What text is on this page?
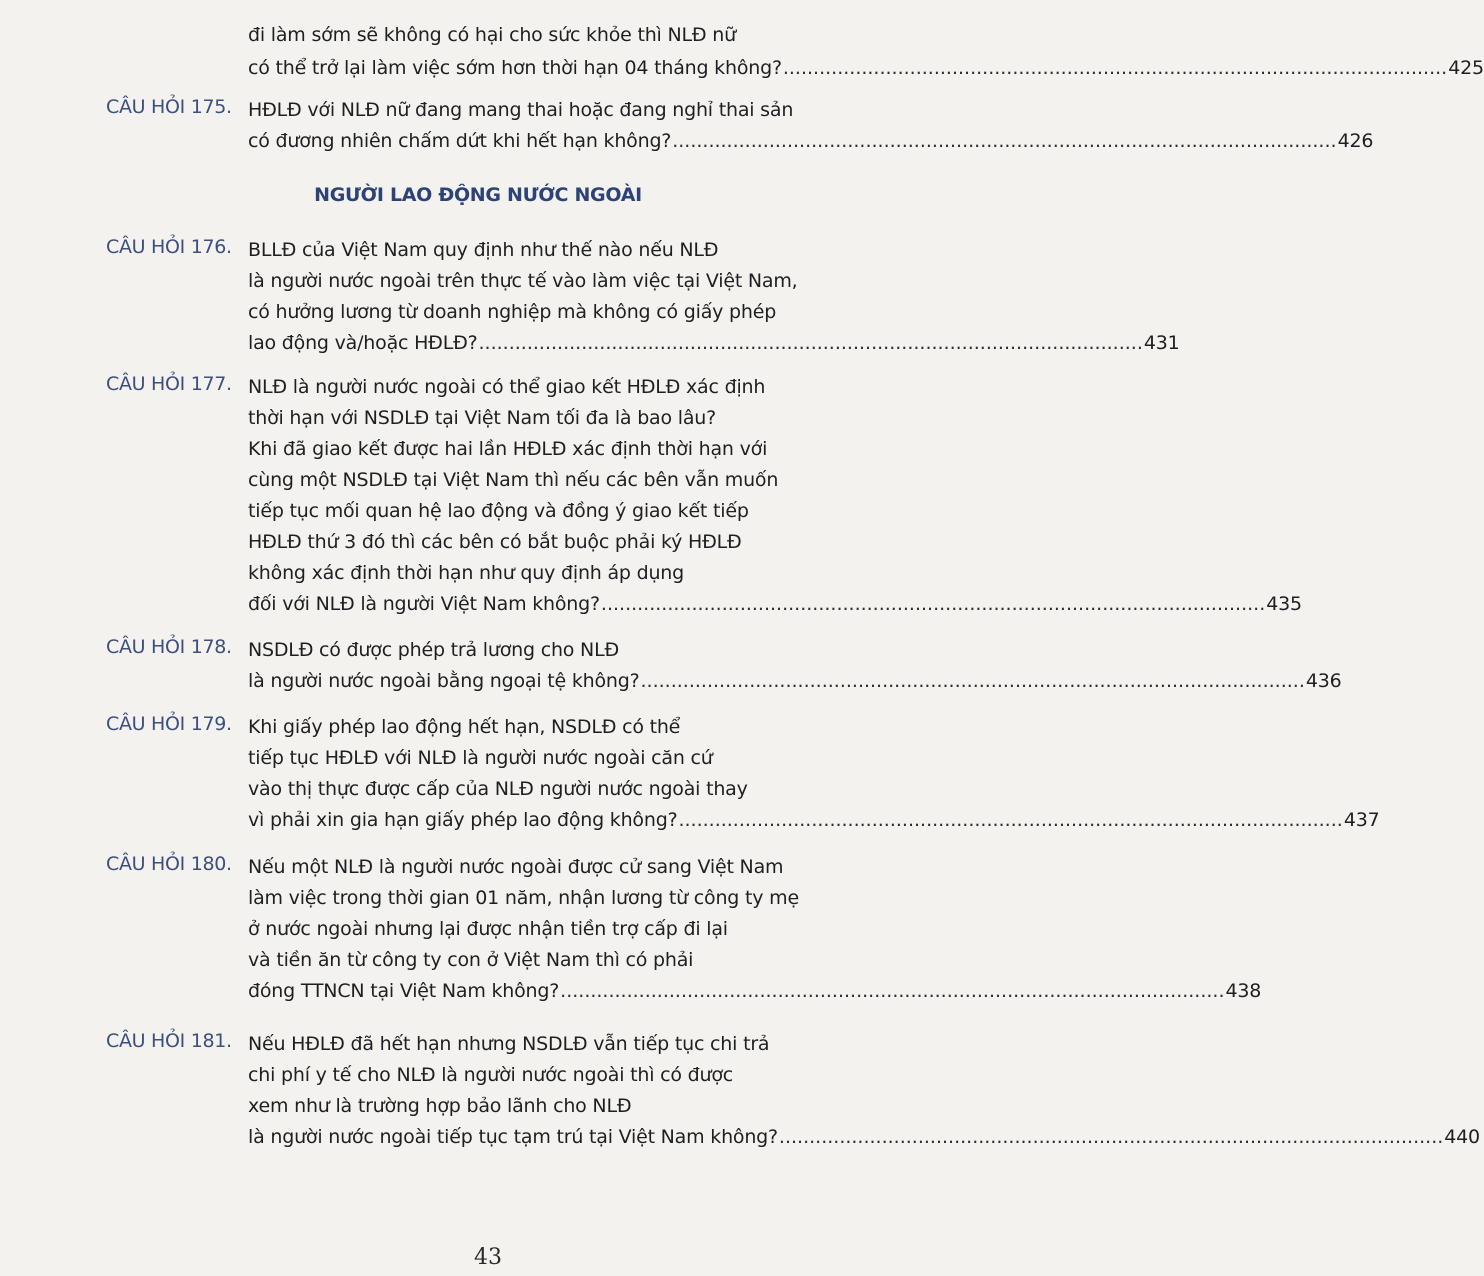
đi làm sớm sẽ không có hại cho sức khỏe thì NLĐ nữ
có thể trở lại làm việc sớm hơn thời hạn 04 tháng không? .............................................................................................................. 425
CÂU HỎI 175. HĐLĐ với NLĐ nữ đang mang thai hoặc đang nghỉ thai sản
có đương nhiên chấm dứt khi hết hạn không? .............................................................................................................. 426
NGƯỜI LAO ĐỘNG NƯỚC NGOÀI
CÂU HỎI 176. BLLĐ của Việt Nam quy định như thế nào nếu NLĐ
là người nước ngoài trên thực tế vào làm việc tại Việt Nam,
có hưởng lương từ doanh nghiệp mà không có giấy phép
lao động và/hoặc HĐLĐ? .............................................................................................................. 431
CÂU HỎI 177. NLĐ là người nước ngoài có thể giao kết HĐLĐ xác định
thời hạn với NSDLĐ tại Việt Nam tối đa là bao lâu?
Khi đã giao kết được hai lần HĐLĐ xác định thời hạn với
cùng một NSDLĐ tại Việt Nam thì nếu các bên vẫn muốn
tiếp tục mối quan hệ lao động và đồng ý giao kết tiếp
HĐLĐ thứ 3 đó thì các bên có bắt buộc phải ký HĐLĐ
không xác định thời hạn như quy định áp dụng
đối với NLĐ là người Việt Nam không? .............................................................................................................. 435
CÂU HỎI 178. NSDLĐ có được phép trả lương cho NLĐ
là người nước ngoài bằng ngoại tệ không? .............................................................................................................. 436
CÂU HỎI 179. Khi giấy phép lao động hết hạn, NSDLĐ có thể
tiếp tục HĐLĐ với NLĐ là người nước ngoài căn cứ
vào thị thực được cấp của NLĐ người nước ngoài thay
vì phải xin gia hạn giấy phép lao động không? .............................................................................................................. 437
CÂU HỎI 180. Nếu một NLĐ là người nước ngoài được cử sang Việt Nam
làm việc trong thời gian 01 năm, nhận lương từ công ty mẹ
ở nước ngoài nhưng lại được nhận tiền trợ cấp đi lại
và tiền ăn từ công ty con ở Việt Nam thì có phải
đóng TTNCN tại Việt Nam không? .............................................................................................................. 438
CÂU HỎI 181. Nếu HĐLĐ đã hết hạn nhưng NSDLĐ vẫn tiếp tục chi trả
chi phí y tế cho NLĐ là người nước ngoài thì có được
xem như là trường hợp bảo lãnh cho NLĐ
là người nước ngoài tiếp tục tạm trú tại Việt Nam không? .............................................................................................................. 440
43
